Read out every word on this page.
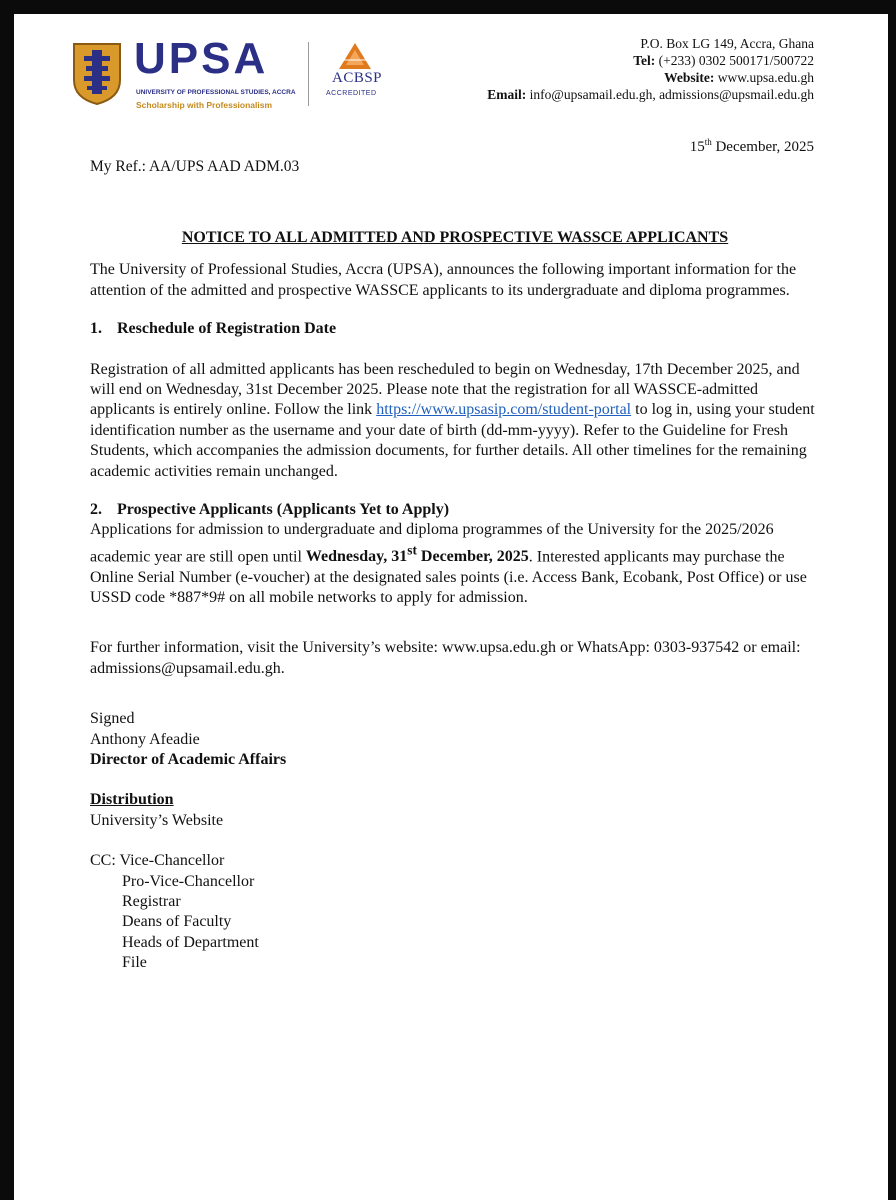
UPSA
UNIVERSITY OF PROFESSIONAL STUDIES, ACCRA
Scholarship with Professionalism
ACBSP
ACCREDITED
P.O. Box LG 149, Accra, Ghana
Tel: (+233) 0302 500171/500722
Website: www.upsa.edu.gh
Email: info@upsamail.edu.gh, admissions@upsmail.edu.gh
15th December, 2025
My Ref.: AA/UPS AAD ADM.03
NOTICE TO ALL ADMITTED AND PROSPECTIVE WASSCE APPLICANTS

The University of Professional Studies, Accra (UPSA), announces the following important information for the attention of the admitted and prospective WASSCE applicants to its undergraduate and diploma programmes.

1. Reschedule of Registration Date

Registration of all admitted applicants has been rescheduled to begin on Wednesday, 17th December 2025, and will end on Wednesday, 31st December 2025. Please note that the registration for all WASSCE-admitted applicants is entirely online. Follow the link https://www.upsasip.com/student-portal to log in, using your student identification number as the username and your date of birth (dd-mm-yyyy). Refer to the Guideline for Fresh Students, which accompanies the admission documents, for further details. All other timelines for the remaining academic activities remain unchanged.

2. Prospective Applicants (Applicants Yet to Apply)

Applications for admission to undergraduate and diploma programmes of the University for the 2025/2026 academic year are still open until Wednesday, 31st December, 2025. Interested applicants may purchase the Online Serial Number (e-voucher) at the designated sales points (i.e. Access Bank, Ecobank, Post Office) or use USSD code *887*9# on all mobile networks to apply for admission.

For further information, visit the University’s website: www.upsa.edu.gh or WhatsApp: 0303-937542 or email: admissions@upsamail.edu.gh.

Signed

Anthony Afeadie

Director of Academic Affairs

Distribution

University’s Website

CC: Vice-Chancellor

Pro-Vice-Chancellor

Registrar

Deans of Faculty

Heads of Department

File
